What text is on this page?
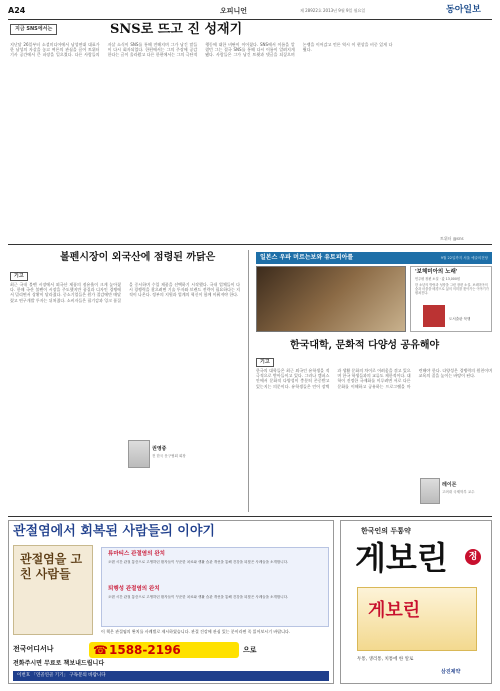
A24	오피니언	제 28922호 2013년 9월 9일 월요일	동아일보
지금 SNS에서는	SNS로 뜨고 진 성재기
지난달 26일부터 소셜미디어에서 남성연대 대표가 한 남성의 자살을 놓고 여론의 관심을 끌어 트위터 기사 공간에서 큰 파장을 일으켰다. 다른 사람들의 자살 소식이 SNS를 통해 전해지며 그가 남긴 말들이 다시 회자되었다. 한편에서는 그의 주장에 공감한다는 글이 올라왔고 다른 한편에서는 그의 극단적 행동에 대한 비판이 이어졌다. SNS에서 이름을 알렸던 그는 결국 SNS를 통해 다시 이름이 알려지게 됐다. 사람들은 그가 남긴 트윗과 댓글을 되짚으며 논쟁을 이어갔고 언론 역시 이 현상을 비중 있게 다뤘다.
트위터 @sns
볼펜시장이 외국산에 점령된 까닭은
기고
최근 국내 볼펜 시장에서 외국산 제품의 점유율이 크게 높아졌다. 한때 국산 볼펜이 시장을 주도했지만 품질과 디자인 경쟁에서 밀리면서 상황이 달라졌다. 중소기업들은 원가 절감에만 매달렸고 연구개발 투자는 뒤처졌다. 소비자들은 필기감과 잉크 품질을 중시하며 수입 제품을 선택하기 시작했다. 국내 업체들이 다시 경쟁력을 찾으려면 기술 투자와 브랜드 전략이 필요하다는 지적이 나온다. 정부의 지원과 업계의 혁신이 함께 이뤄져야 한다.
권영중
전 한국 문구협회 회장
일본스 우파 머르는보와 유토피아를	9월 22일까지 서울 예술의전당
'보헤미아의 노래'
민주평 장편 소설 · 값 13,000원
한 소년의 방랑과 성장을 그린 장편 소설. 보헤미아의 숲과 마을을 배경으로 삶의 의미를 찾아가는 이야기가 펼쳐진다.
도서출판 북행
한국대학, 문화적 다양성 공유해야
기고
한국의 대학들은 최근 외국인 유학생을 적극적으로 받아들이고 있다. 그러나 캠퍼스 안에서 문화적 다양성이 충분히 존중받고 있는지는 의문이다. 유학생들은 언어 장벽과 생활 문화의 차이로 어려움을 겪고 있으며 한국 학생들과의 교류도 제한적이다. 대학이 진정한 국제화를 이루려면 서로 다른 문화를 이해하고 공유하는 프로그램을 마련해야 한다. 다양성은 경쟁력의 원천이며 교육의 질을 높이는 바탕이 된다.
레이몬
고려대 국제학부 교수
관절염에서 회복된 사람들의 이야기
관절염을 고친 사람들
류마티스 관절염의 완치
오랜 시간 관절 통증으로 고생하던 환자들이 꾸준한 치료와 생활 습관 개선을 통해 건강을 되찾은 사례들을 소개합니다.
퇴행성 관절염의 완치
오랜 시간 관절 통증으로 고생하던 환자들이 꾸준한 치료와 생활 습관 개선을 통해 건강을 되찾은 사례들을 소개합니다.
이 책은 관절염의 완치를 사례별로 제시하였습니다. 관절 건강에 관심 있는 분이라면 꼭 읽어보시기 바랍니다.
전국어디서나	☎ 1588-2196	으로
전화주시면 무료로 책보내드립니다
이번호 「연골연골 기기」 구독문의 바랍니다
한국인의 두통약
게보린	정
게보린
두통, 생리통, 치통에 한 알로
삼진제약
